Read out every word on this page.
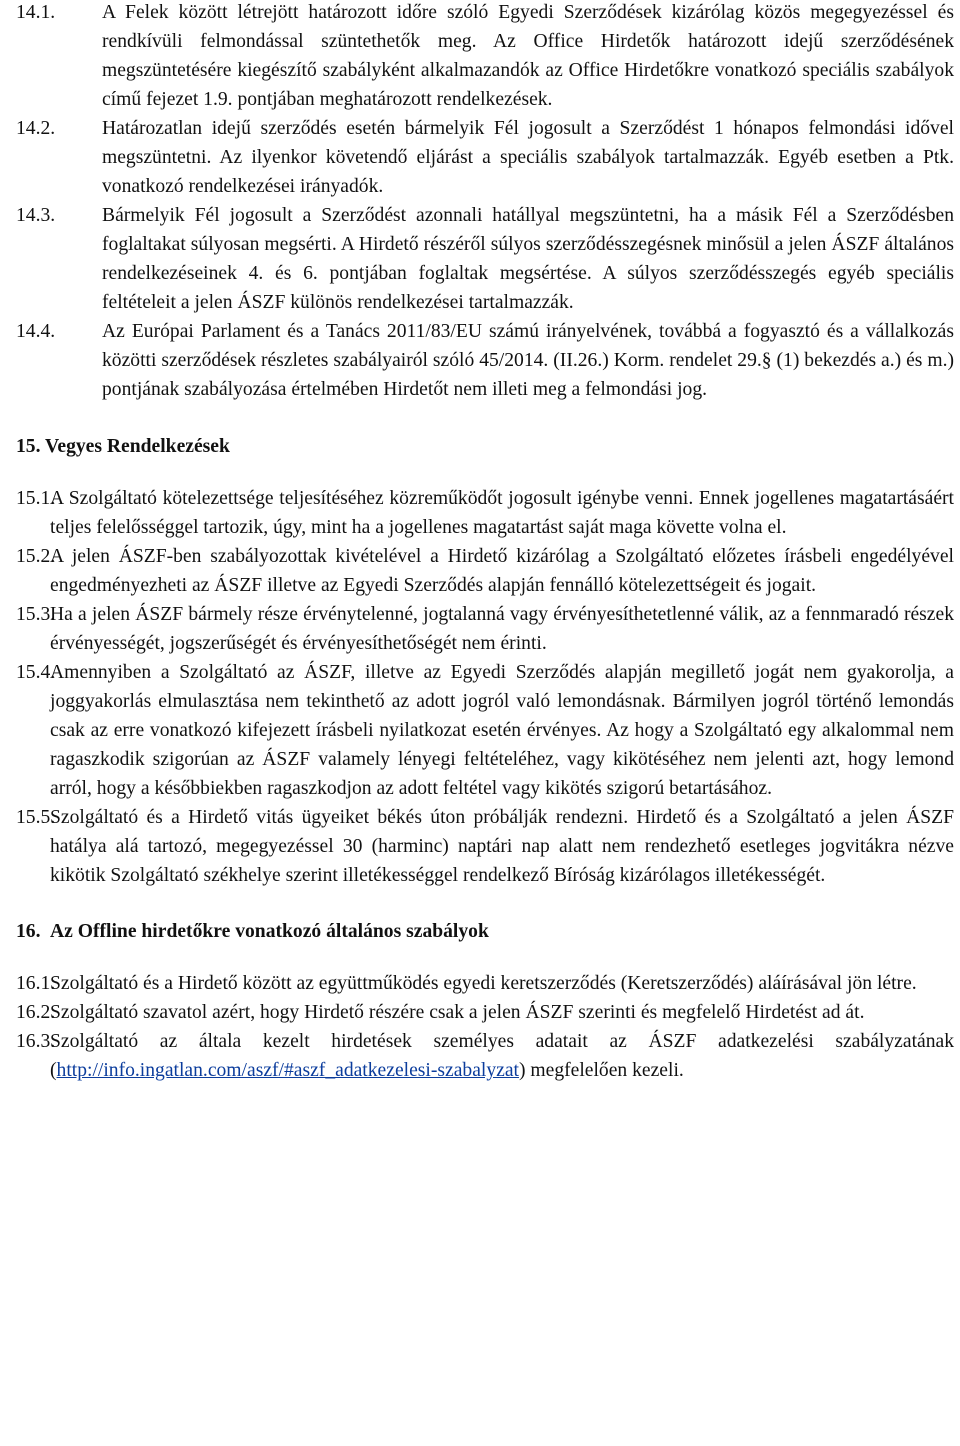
14.1.	A Felek között létrejött határozott időre szóló Egyedi Szerződések kizárólag közös megegyezéssel és rendkívüli felmondással szüntethetők meg. Az Office Hirdetők határozott idejű szerződésének megszüntetésére kiegészítő szabályként alkalmazandók az Office Hirdetőkre vonatkozó speciális szabályok című fejezet 1.9. pontjában meghatározott rendelkezések.
14.2.	Határozatlan idejű szerződés esetén bármelyik Fél jogosult a Szerződést 1 hónapos felmondási idővel megszüntetni. Az ilyenkor követendő eljárást a speciális szabályok tartalmazzák. Egyéb esetben a Ptk. vonatkozó rendelkezései irányadók.
14.3.	Bármelyik Fél jogosult a Szerződést azonnali hatállyal megszüntetni, ha a másik Fél a Szerződésben foglaltakat súlyosan megsérti. A Hirdető részéről súlyos szerződésszegésnek minősül a jelen ÁSZF általános rendelkezéseinek 4. és 6. pontjában foglaltak megsértése. A súlyos szerződésszegés egyéb speciális feltételeit a jelen ÁSZF különös rendelkezései tartalmazzák.
14.4.	Az Európai Parlament és a Tanács 2011/83/EU számú irányelvének, továbbá a fogyasztó és a vállalkozás közötti szerződések részletes szabályairól szóló 45/2014. (II.26.) Korm. rendelet 29.§ (1) bekezdés a.) és m.) pontjának szabályozása értelmében Hirdetőt nem illeti meg a felmondási jog.
15. Vegyes Rendelkezések
15.1.
A Szolgáltató kötelezettsége teljesítéséhez közreműködőt jogosult igénybe venni. Ennek jogellenes magatartásáért teljes felelősséggel tartozik, úgy, mint ha a jogellenes magatartást saját maga követte volna el.
15.2.
A jelen ÁSZF-ben szabályozottak kivételével a Hirdető kizárólag a Szolgáltató előzetes írásbeli engedélyével engedményezheti az ÁSZF illetve az Egyedi Szerződés alapján fennálló kötelezettségeit és jogait.
15.3.
Ha a jelen ÁSZF bármely része érvénytelenné, jogtalanná vagy érvényesíthetetlenné válik, az a fennmaradó részek érvényességét, jogszerűségét és érvényesíthetőségét nem érinti.
15.4.
Amennyiben a Szolgáltató az ÁSZF, illetve az Egyedi Szerződés alapján megillető jogát nem gyakorolja, a joggyakorlás elmulasztása nem tekinthető az adott jogról való lemondásnak. Bármilyen jogról történő lemondás csak az erre vonatkozó kifejezett írásbeli nyilatkozat esetén érvényes. Az hogy a Szolgáltató egy alkalommal nem ragaszkodik szigorúan az ÁSZF valamely lényegi feltételéhez, vagy kikötéséhez nem jelenti azt, hogy lemond arról, hogy a későbbiekben ragaszkodjon az adott feltétel vagy kikötés szigorú betartásához.
15.5.
Szolgáltató és a Hirdető vitás ügyeiket békés úton próbálják rendezni. Hirdető és a Szolgáltató a jelen ÁSZF hatálya alá tartozó, megegyezéssel 30 (harminc) naptári nap alatt nem rendezhető esetleges jogvitákra nézve kikötik Szolgáltató székhelye szerint illetékességgel rendelkező Bíróság kizárólagos illetékességét.
16. Az Offline hirdetőkre vonatkozó általános szabályok
16.1.
Szolgáltató és a Hirdető között az együttműködés egyedi keretszerződés (Keretszerződés) aláírásával jön létre.
16.2.
Szolgáltató szavatol azért, hogy Hirdető részére csak a jelen ÁSZF szerinti és megfelelő Hirdetést ad át.
16.3.
Szolgáltató az általa kezelt hirdetések személyes adatait az ÁSZF adatkezelési szabályzatának (http://info.ingatlan.com/aszf/#aszf_adatkezelesi-szabalyzat) megfelelően kezeli.
